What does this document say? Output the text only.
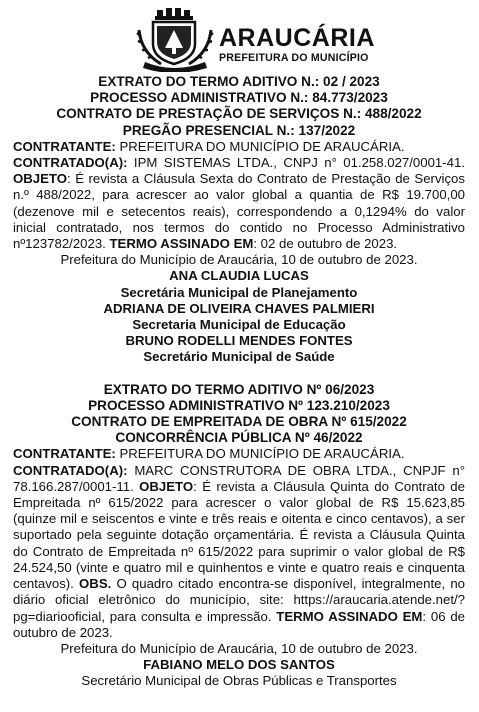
ARAUCÁRIA
PREFEITURA DO MUNICÍPIO
EXTRATO DO TERMO ADITIVO N.: 02 / 2023
PROCESSO ADMINISTRATIVO N.: 84.773/2023
CONTRATO DE PRESTAÇÃO DE SERVIÇOS N.: 488/2022
PREGÃO PRESENCIAL N.: 137/2022
CONTRATANTE: PREFEITURA DO MUNICÍPIO DE ARAUCÁRIA.
CONTRATADO(A): IPM SISTEMAS LTDA., CNPJ n° 01.258.027/0001-41. OBJETO: É revista a Cláusula Sexta do Contrato de Prestação de Serviços n.º 488/2022, para acrescer ao valor global a quantia de R$ 19.700,00 (dezenove mil e setecentos reais), correspondendo a 0,1294% do valor inicial contratado, nos termos do contido no Processo Administrativo nº123782/2023. TERMO ASSINADO EM: 02 de outubro de 2023.
Prefeitura do Município de Araucária, 10 de outubro de 2023.
ANA CLAUDIA LUCAS
Secretária Municipal de Planejamento
ADRIANA DE OLIVEIRA CHAVES PALMIERI
Secretaria Municipal de Educação
BRUNO RODELLI MENDES FONTES
Secretário Municipal de Saúde
EXTRATO DO TERMO ADITIVO Nº 06/2023
PROCESSO ADMINISTRATIVO Nº 123.210/2023
CONTRATO DE EMPREITADA DE OBRA Nº 615/2022
CONCORRÊNCIA PÚBLICA Nº 46/2022
CONTRATANTE: PREFEITURA DO MUNICÍPIO DE ARAUCÁRIA.
CONTRATADO(A): MARC CONSTRUTORA DE OBRA LTDA., CNPJF n° 78.166.287/0001-11. OBJETO: É revista a Cláusula Quinta do Contrato de Empreitada nº 615/2022 para acrescer o valor global de R$ 15.623,85 (quinze mil e seiscentos e vinte e três reais e oitenta e cinco centavos), a ser suportado pela seguinte dotação orçamentária. É revista a Cláusula Quinta do Contrato de Empreitada nº 615/2022 para suprimir o valor global de R$ 24.524,50 (vinte e quatro mil e quinhentos e vinte e quatro reais e cinquenta centavos). OBS. O quadro citado encontra-se disponível, integralmente, no diário oficial eletrônico do município, site: https://araucaria.atende.net/?pg=diariooficial, para consulta e impressão. TERMO ASSINADO EM: 06 de outubro de 2023.
Prefeitura do Município de Araucária, 10 de outubro de 2023.
FABIANO MELO DOS SANTOS
Secretário Municipal de Obras Públicas e Transportes
